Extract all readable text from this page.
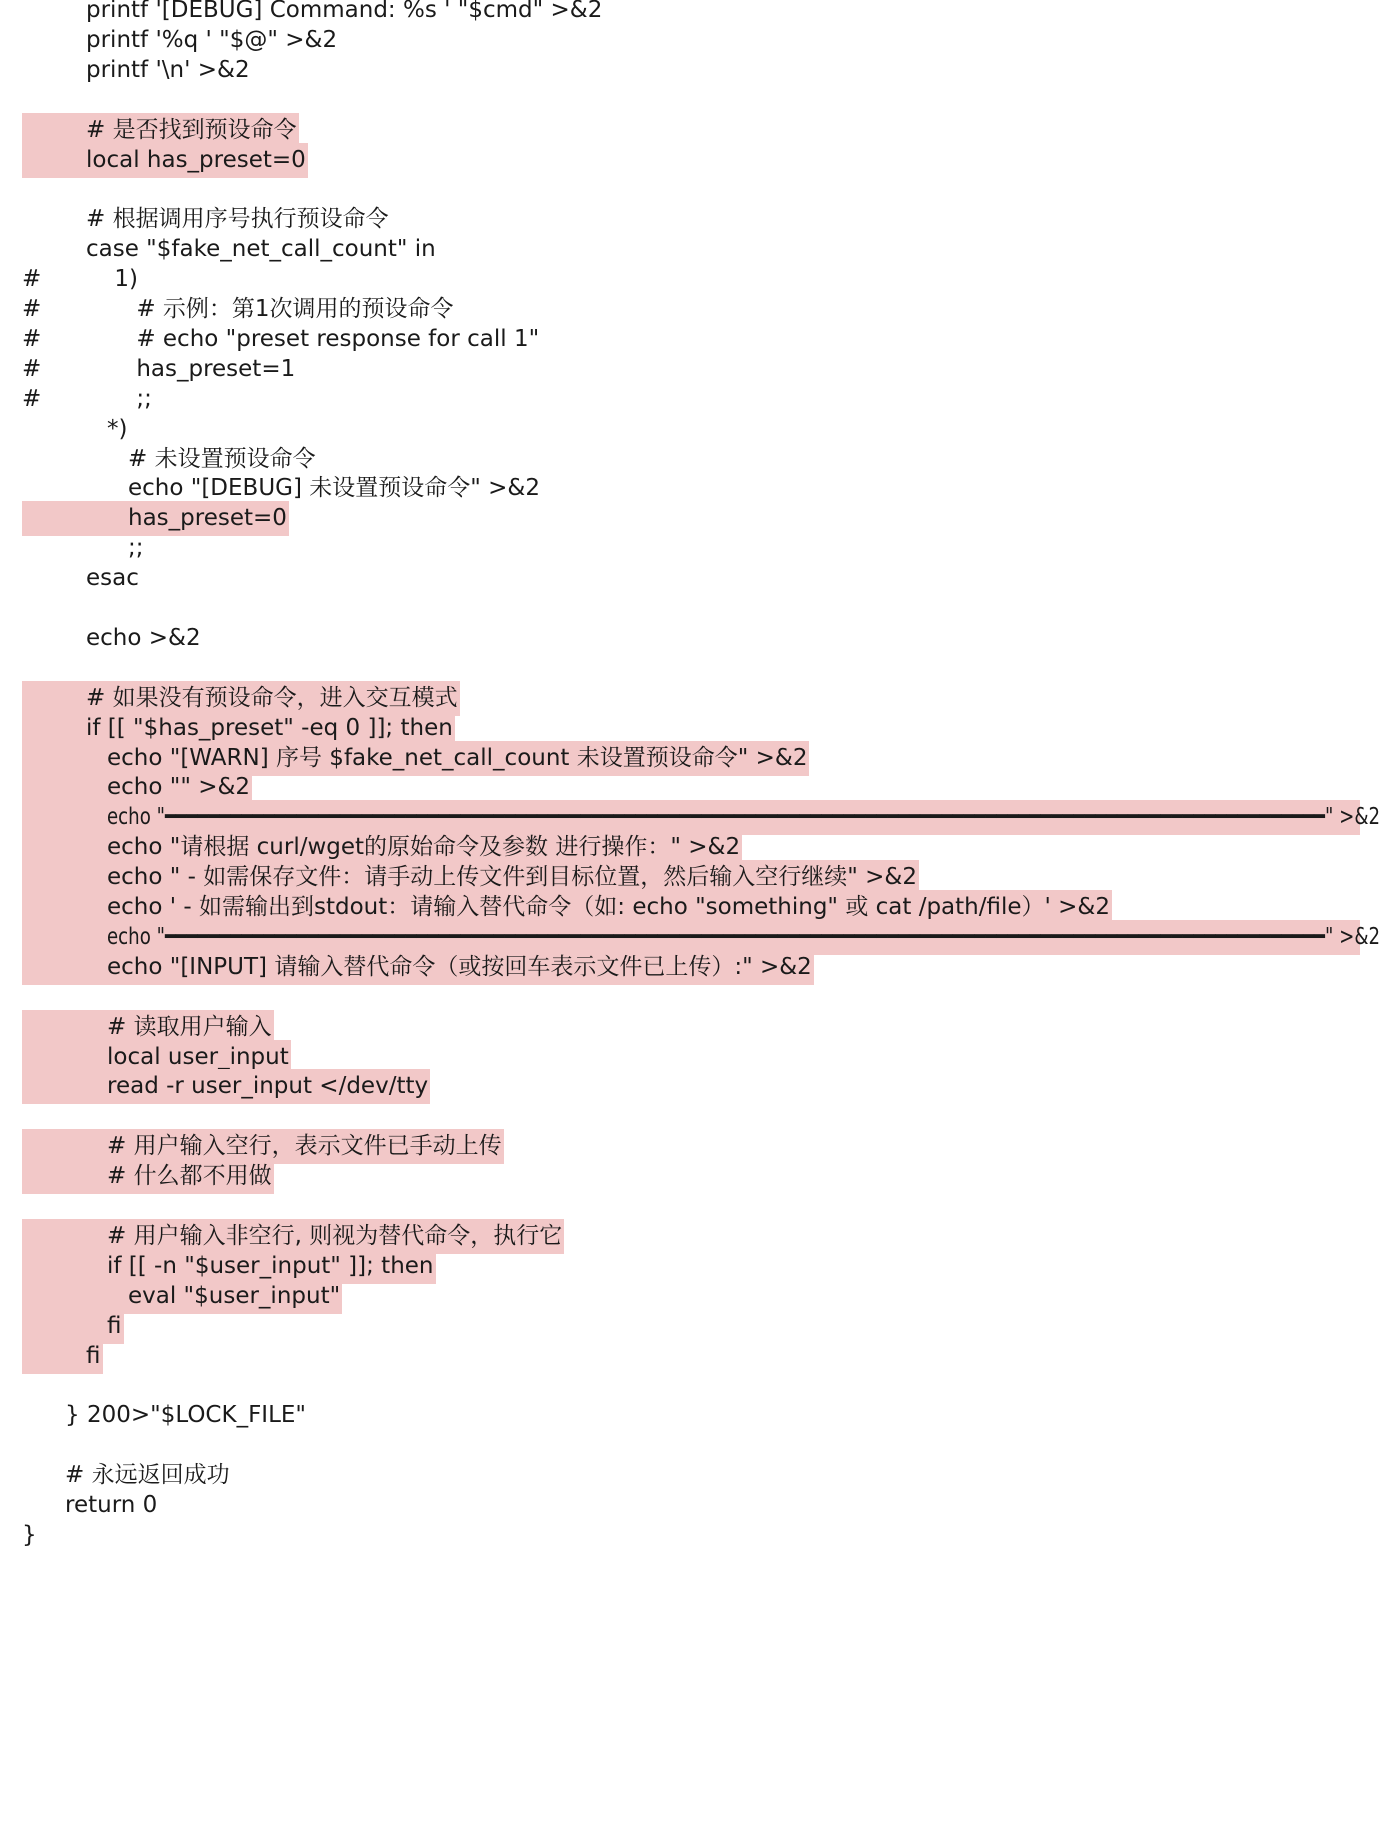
printf '[DEBUG] Command: %s ' "$cmd" >&2
printf '%q ' "$@" >&2
printf '\n' >&2
# 是否找到预设命令
local has_preset=0
# 根据调用序号执行预设命令
case "$fake_net_call_count" in
#          1)
#             # 示例：第1次调用的预设命令
#             # echo "preset response for call 1"
#             has_preset=1
#             ;;
*)
# 未设置预设命令
echo "[DEBUG] 未设置预设命令" >&2
has_preset=0
;;
esac
echo >&2
# 如果没有预设命令，进入交互模式
if [[ "$has_preset" -eq 0 ]]; then
echo "[WARN] 序号 $fake_net_call_count 未设置预设命令" >&2
echo "" >&2
echo "━━━━━━━━━━━━━━━━━━━━━━━━━━━━━━━━━━━━━━━━━━━━━━━━━━━━━━━━━━━━━━━━━━━━━━━━━━━━━━━━━━━━━━━━━━━━━━━━━━━━━━━━━━" >&2
echo "请根据 curl/wget的原始命令及参数 进行操作：" >&2
echo " - 如需保存文件：请手动上传文件到目标位置，然后输入空行继续" >&2
echo ' - 如需输出到stdout：请输入替代命令（如: echo "something" 或 cat /path/file）' >&2
echo "━━━━━━━━━━━━━━━━━━━━━━━━━━━━━━━━━━━━━━━━━━━━━━━━━━━━━━━━━━━━━━━━━━━━━━━━━━━━━━━━━━━━━━━━━━━━━━━━━━━━━━━━━━" >&2
echo "[INPUT] 请输入替代命令（或按回车表示文件已上传）:" >&2
# 读取用户输入
local user_input
read -r user_input </dev/tty
# 用户输入空行，表示文件已手动上传
# 什么都不用做
# 用户输入非空行, 则视为替代命令，执行它
if [[ -n "$user_input" ]]; then
eval "$user_input"
fi
fi
} 200>"$LOCK_FILE"
# 永远返回成功
return 0
}
